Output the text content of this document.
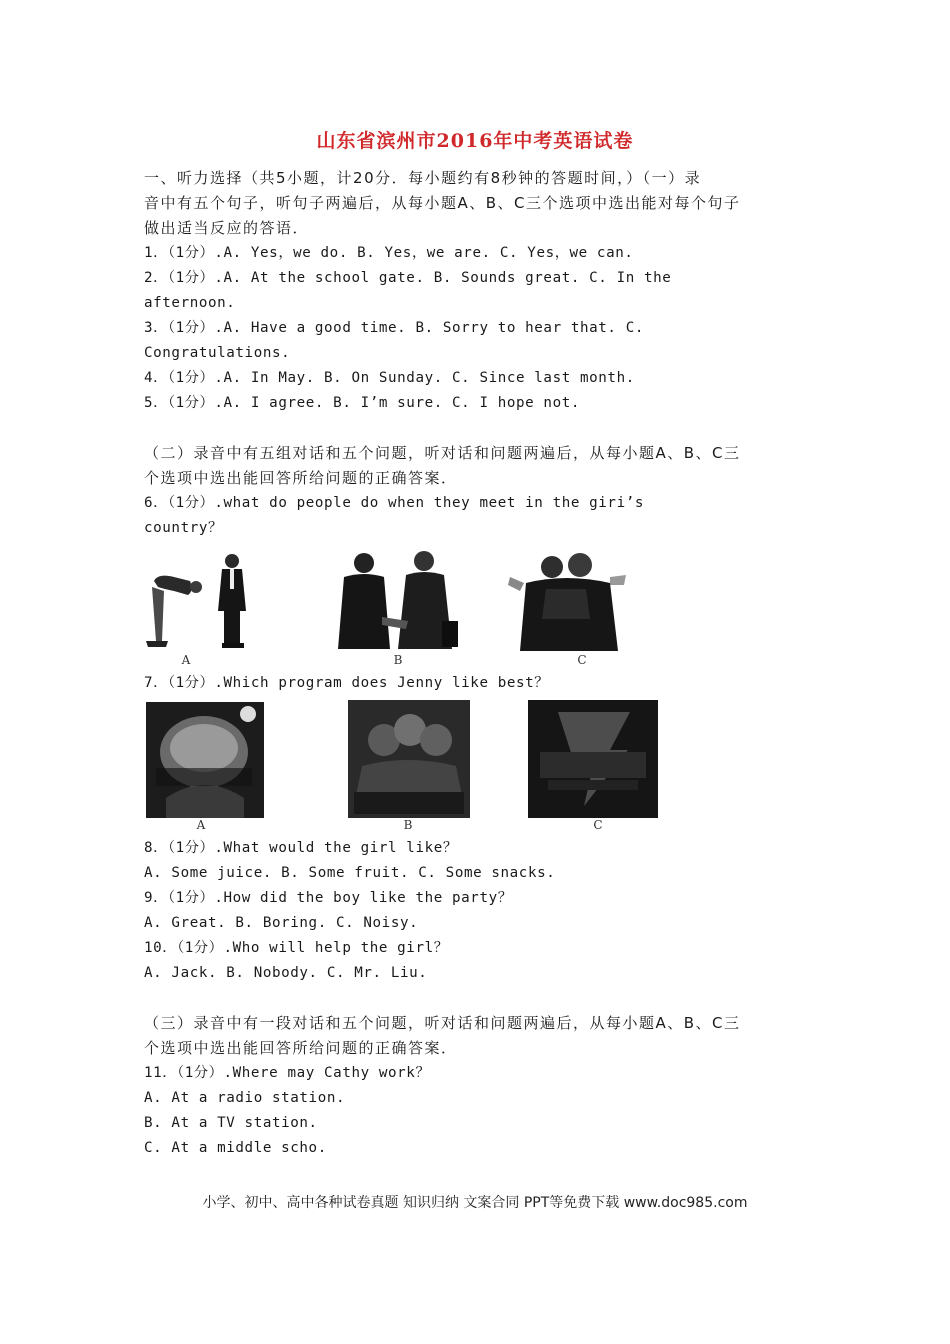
山东省滨州市2016年中考英语试卷
一、听力选择（共5小题，计20分．每小题约有8秒钟的答题时间，）（一）录
音中有五个句子，听句子两遍后，从每小题A、B、C三个选项中选出能对每个句子
做出适当反应的答语．
1．（1分）.A. Yes，we do. B. Yes，we are. C. Yes，we can.
2．（1分）.A. At the school gate. B. Sounds great. C. In the
afternoon.
3．（1分）.A. Have a good time. B. Sorry to hear that. C.
Congratulations.
4．（1分）.A. In May. B. On Sunday. C. Since last month.
5．（1分）.A. I agree. B. I’m sure. C. I hope not.
（二）录音中有五组对话和五个问题，听对话和问题两遍后，从每小题A、B、C三
个选项中选出能回答所给问题的正确答案．
6．（1分）.what do people do when they meet in the giri’s
country？
A	B	C
7．（1分）.Which program does Jenny like best？
A	B	C
8．（1分）.What would the girl like？
A. Some juice. B. Some fruit. C. Some snacks.
9．（1分）.How did the boy like the party？
A. Great. B. Boring. C. Noisy.
10．（1分）.Who will help the girl？
A. Jack. B. Nobody. C. Mr. Liu.
（三）录音中有一段对话和五个问题，听对话和问题两遍后，从每小题A、B、C三
个选项中选出能回答所给问题的正确答案．
11．（1分）.Where may Cathy work？
A. At a radio station.
B. At a TV station.
C. At a middle scho.
小学、初中、高中各种试卷真题 知识归纳 文案合同 PPT等免费下载 www.doc985.com
